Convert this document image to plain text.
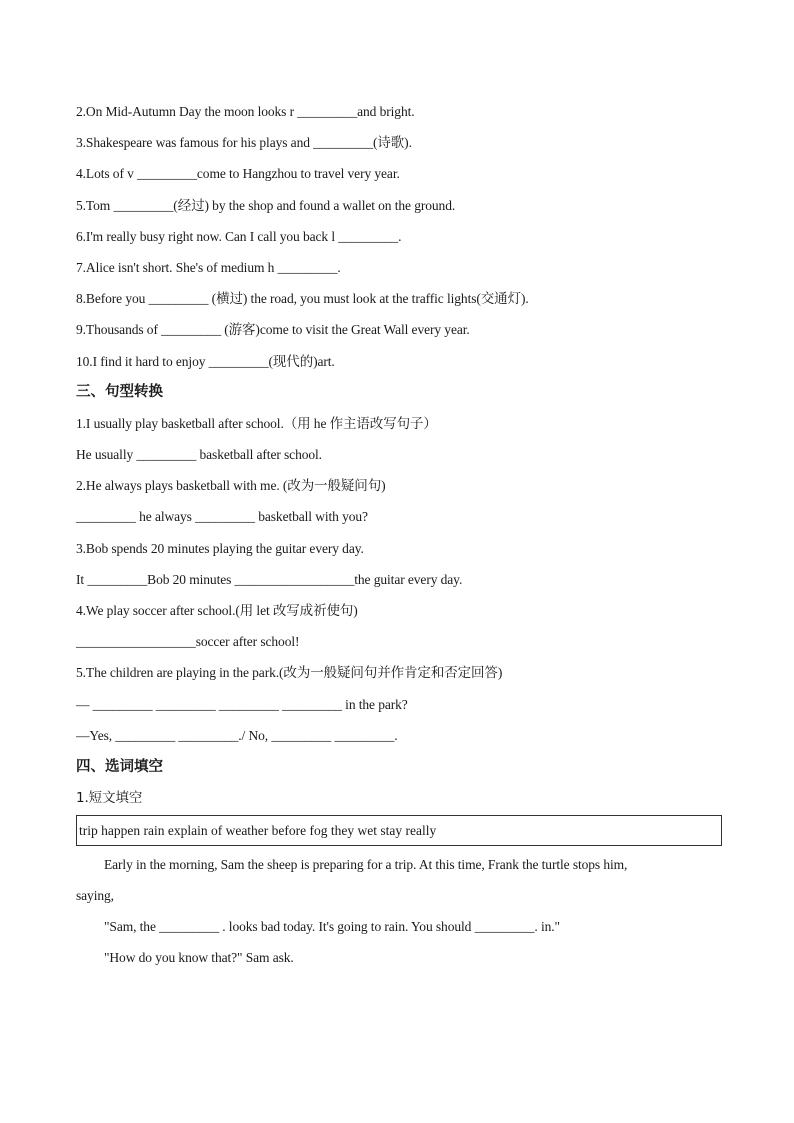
2.On Mid-Autumn Day the moon looks r _________and bright.
3.Shakespeare was famous for his plays and _________(诗歌).
4.Lots of v _________come to Hangzhou to travel very year.
5.Tom _________(经过) by the shop and found a wallet on the ground.
6.I'm really busy right now. Can I call you back l _________.
7.Alice isn't short. She's of medium h _________.
8.Before you _________ (横过) the road, you must look at the traffic lights(交通灯).
9.Thousands of _________ (游客)come to visit the Great Wall every year.
10.I find it hard to enjoy _________(现代的)art.
三、句型转换
1.I usually play basketball after school.（用 he 作主语改写句子）
He usually _________ basketball after school.
2.He always plays basketball with me. (改为一般疑问句)
_________ he always _________ basketball with you?
3.Bob spends 20 minutes playing the guitar every day.
It _________Bob 20 minutes __________________the guitar every day.
4.We play soccer after school.(用 let 改写成祈使句)
__________________soccer after school!
5.The children are playing in the park.(改为一般疑问句并作肯定和否定回答)
— _________ _________ _________ _________ in the park?
—Yes, _________ _________./ No, _________ _________.
四、选词填空
1.短文填空
trip happen rain explain of weather before fog they wet stay really
Early in the morning, Sam the sheep is preparing for a trip. At this time, Frank the turtle stops him,
saying,
"Sam, the _________ . looks bad today. It's going to rain. You should _________. in."
"How do you know that?" Sam ask.
